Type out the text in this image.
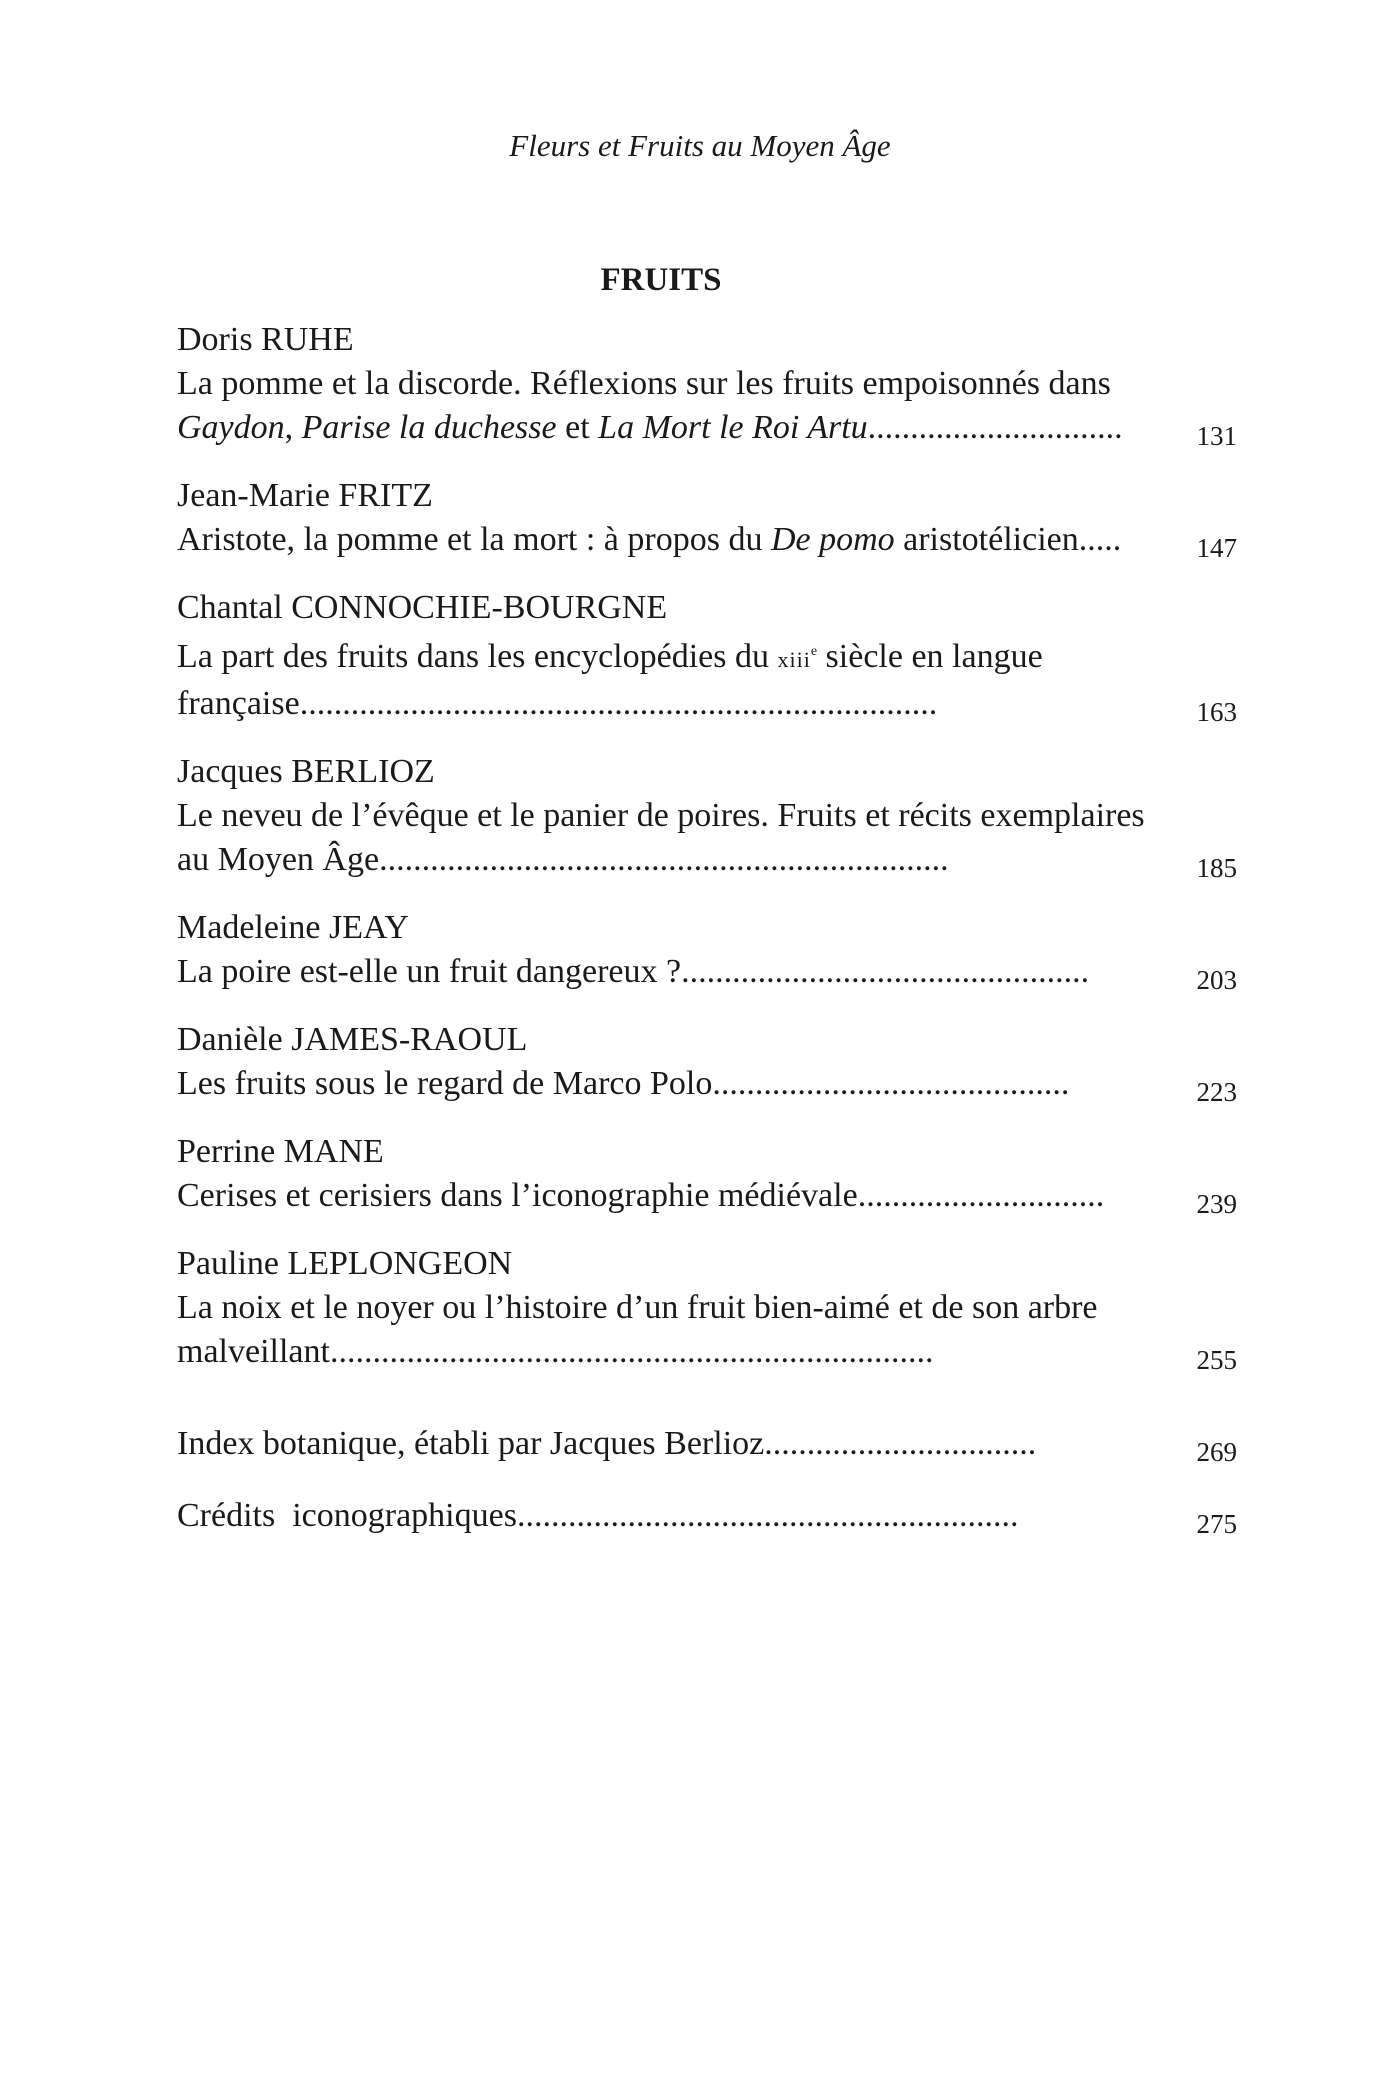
Fleurs et Fruits au Moyen Âge
FRUITS
Doris RUHE
La pomme et la discorde. Réflexions sur les fruits empoisonnés dans
Gaydon, Parise la duchesse et La Mort le Roi Artu..............................	131
Jean-Marie FRITZ
Aristote, la pomme et la mort : à propos du De pomo aristotélicien.....	147
Chantal CONNOCHIE-BOURGNE
La part des fruits dans les encyclopédies du xiii$^e$ siècle en langue
française...........................................................................	163
Jacques BERLIOZ
Le neveu de l’évêque et le panier de poires. Fruits et récits exemplaires
au Moyen Âge...................................................................	185
Madeleine JEAY
La poire est-elle un fruit dangereux ?................................................	203
Danièle JAMES-RAOUL
Les fruits sous le regard de Marco Polo..........................................	223
Perrine MANE
Cerises et cerisiers dans l’iconographie médiévale.............................	239
Pauline LEPLONGEON
La noix et le noyer ou l’histoire d’un fruit bien-aimé et de son arbre
malveillant.......................................................................	255
Index botanique, établi par Jacques Berlioz................................	269
Crédits  iconographiques...........................................................	275
